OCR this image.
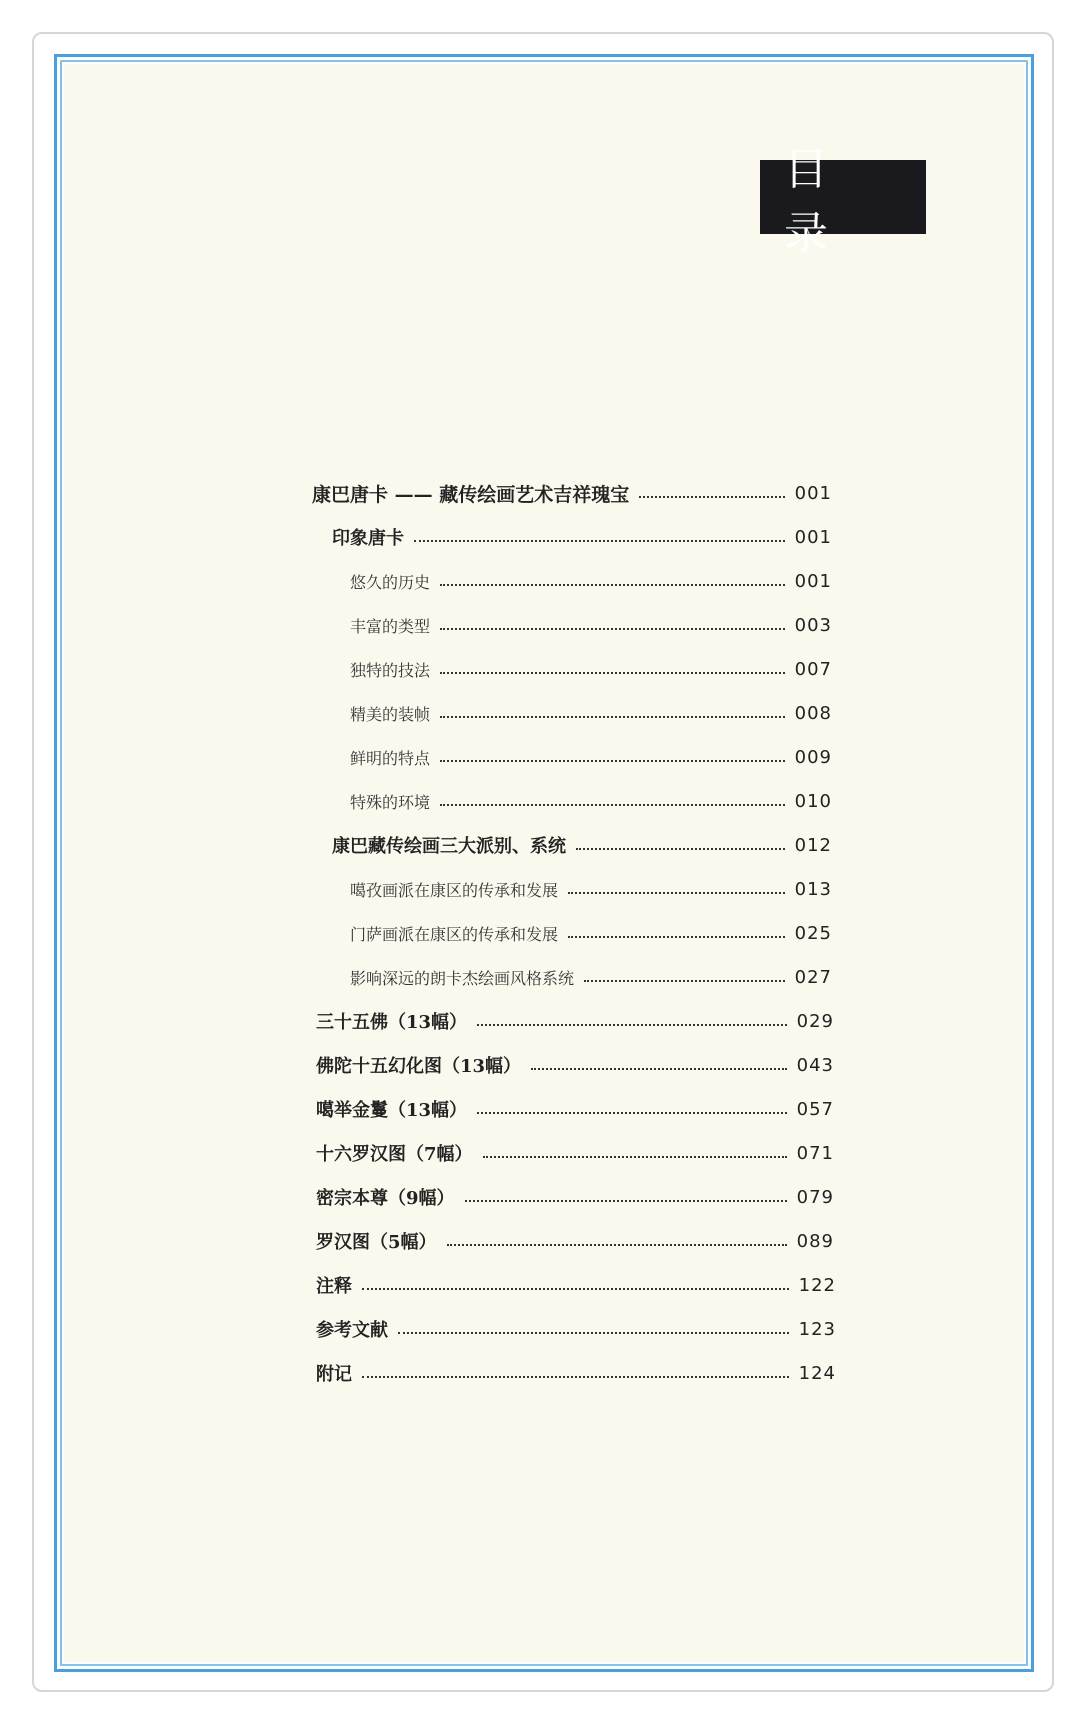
目 录
康巴唐卡 —— 藏传绘画艺术吉祥瑰宝	001
印象唐卡	001
悠久的历史	001
丰富的类型	003
独特的技法	007
精美的装帧	008
鲜明的特点	009
特殊的环境	010
康巴藏传绘画三大派别、系统	012
噶孜画派在康区的传承和发展	013
门萨画派在康区的传承和发展	025
影响深远的朗卡杰绘画风格系统	027
三十五佛（13幅）	029
佛陀十五幻化图（13幅）	043
噶举金鬘（13幅）	057
十六罗汉图（7幅）	071
密宗本尊（9幅）	079
罗汉图（5幅）	089
注释	122
参考文献	123
附记	124
